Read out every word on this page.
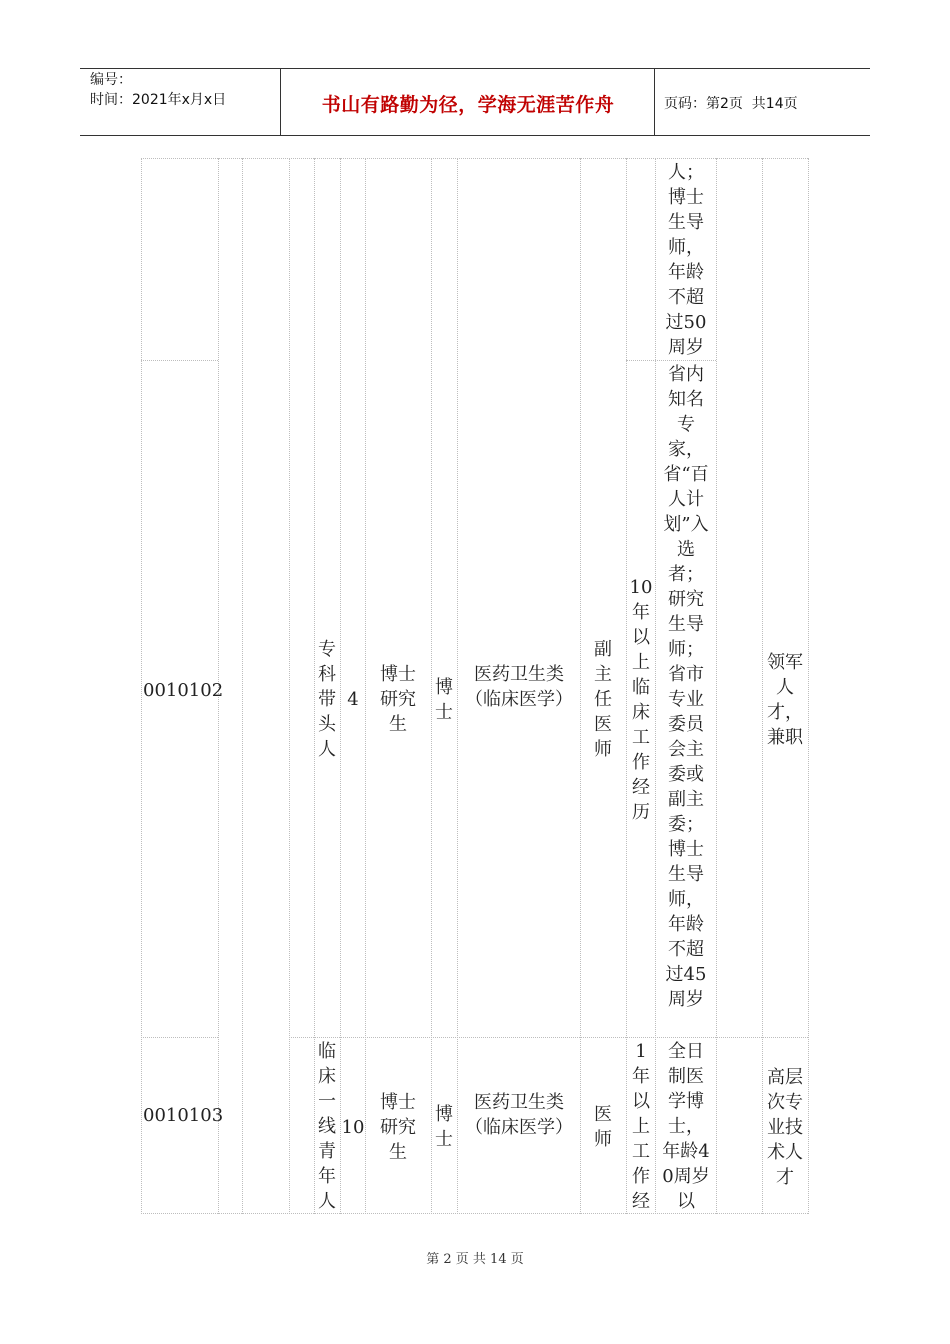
编号：
时间：2021年x月x日	书山有路勤为径，学海无涯苦作舟	页码：第2页  共14页
人；博士生导师，年龄不超过50周岁
0010102
专科带头人
4
博士研究生
博士
医药卫生类（临床医学）
副主任医师
10年以上临床工作经历
省内知名专家，省“百人计划”入选者；研究生导师；省市专业委员会主委或副主委；博士生导师，年龄不超过45周岁
领军人才，兼职
0010103
临床一线青年人
10
博士研究生
博士
医药卫生类（临床医学）
医师
1年以上工作经
全日制医学博士，年龄40周岁以
高层次专业技术人才
第 2 页 共 14 页
